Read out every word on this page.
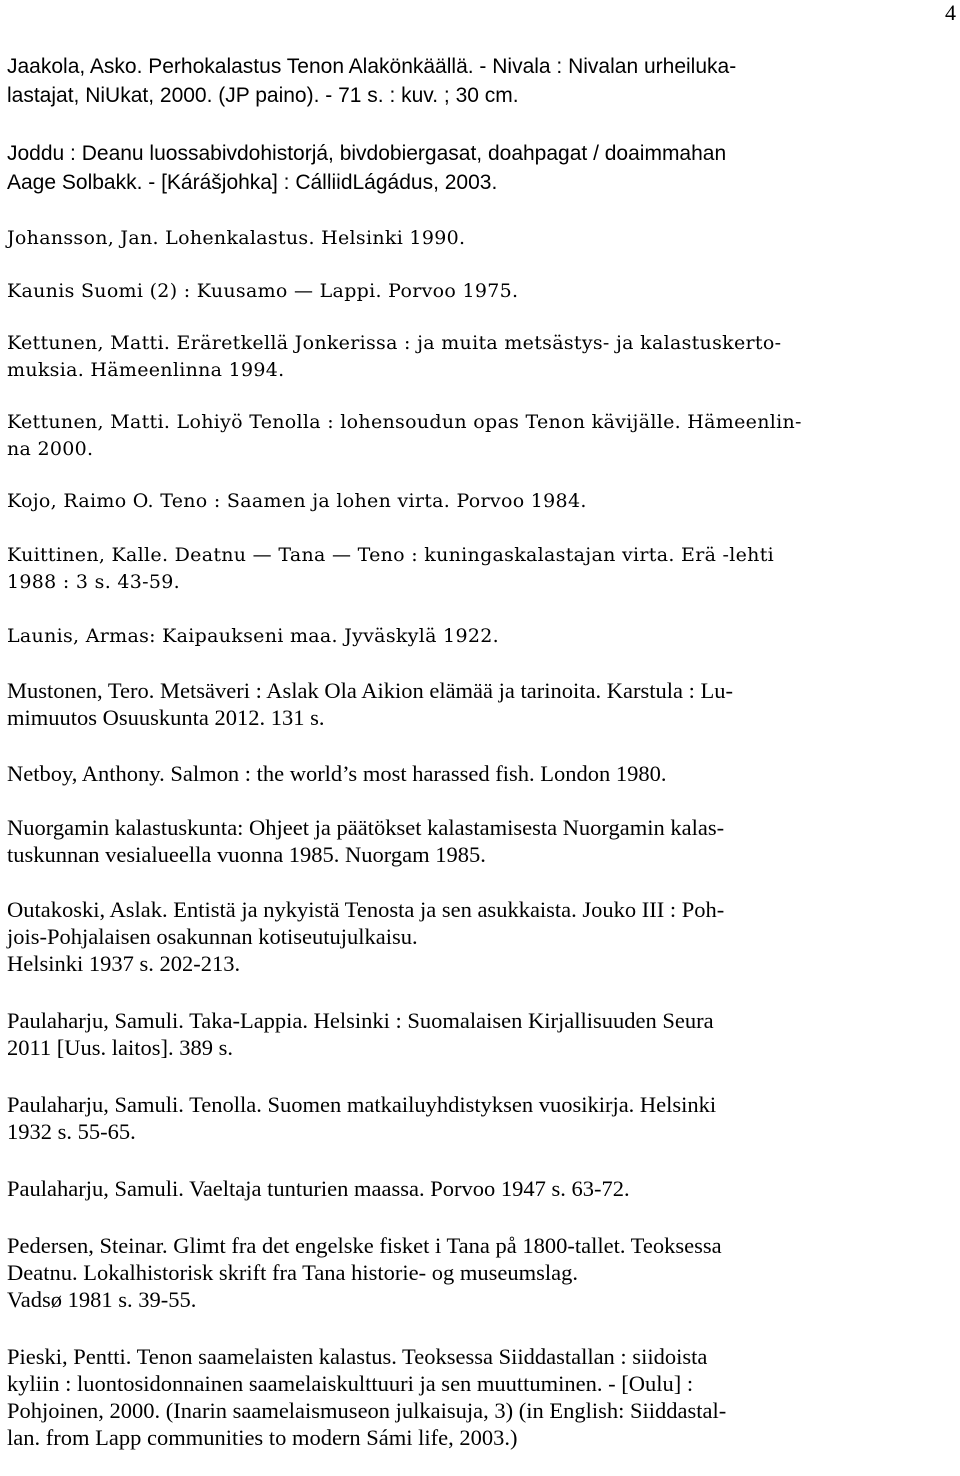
4
Jaakola, Asko. Perhokalastus Tenon Alakönkäällä. - Nivala : Nivalan urheiluka-
lastajat, NiUkat, 2000. (JP paino). - 71 s. : kuv. ; 30 cm.
Joddu : Deanu luossabivdohistorjá, bivdobiergasat, doahpagat / doaimmahan
Aage Solbakk. - [Kárášjohka] : CálliidLágádus, 2003.
Johansson, Jan. Lohenkalastus. Helsinki 1990.
Kaunis Suomi (2) : Kuusamo — Lappi. Porvoo 1975.
Kettunen, Matti. Eräretkellä Jonkerissa : ja muita metsästys- ja kalastuskerto-
muksia. Hämeenlinna 1994.
Kettunen, Matti. Lohiyö Tenolla : lohensoudun opas Tenon kävijälle. Hämeenlin-
na 2000.
Kojo, Raimo O. Teno : Saamen ja lohen virta. Porvoo 1984.
Kuittinen, Kalle. Deatnu — Tana — Teno : kuningaskalastajan virta. Erä -lehti
1988 : 3 s. 43-59.
Launis, Armas: Kaipaukseni maa. Jyväskylä 1922.
Mustonen, Tero. Metsäveri : Aslak Ola Aikion elämää ja tarinoita. Karstula : Lu-
mimuutos Osuuskunta 2012. 131 s.
Netboy, Anthony. Salmon : the world’s most harassed fish. London 1980.
Nuorgamin kalastuskunta: Ohjeet ja päätökset kalastamisesta Nuorgamin kalas-
tuskunnan vesialueella vuonna 1985. Nuorgam 1985.
Outakoski, Aslak. Entistä ja nykyistä Tenosta ja sen asukkaista. Jouko III : Poh-
jois-Pohjalaisen osakunnan kotiseutujulkaisu.
Helsinki 1937 s. 202-213.
Paulaharju, Samuli. Taka-Lappia. Helsinki : Suomalaisen Kirjallisuuden Seura
2011 [Uus. laitos]. 389 s.
Paulaharju, Samuli. Tenolla. Suomen matkailuyhdistyksen vuosikirja. Helsinki
1932 s. 55-65.
Paulaharju, Samuli. Vaeltaja tunturien maassa. Porvoo 1947 s. 63-72.
Pedersen, Steinar. Glimt fra det engelske fisket i Tana på 1800-tallet. Teoksessa
Deatnu. Lokalhistorisk skrift fra Tana historie- og museumslag.
Vadsø 1981 s. 39-55.
Pieski, Pentti. Tenon saamelaisten kalastus. Teoksessa Siiddastallan : siidoista
kyliin : luontosidonnainen saamelaiskulttuuri ja sen muuttuminen. - [Oulu] :
Pohjoinen, 2000. (Inarin saamelaismuseon julkaisuja, 3) (in English: Siiddastal-
lan. from Lapp communities to modern Sámi life, 2003.)
